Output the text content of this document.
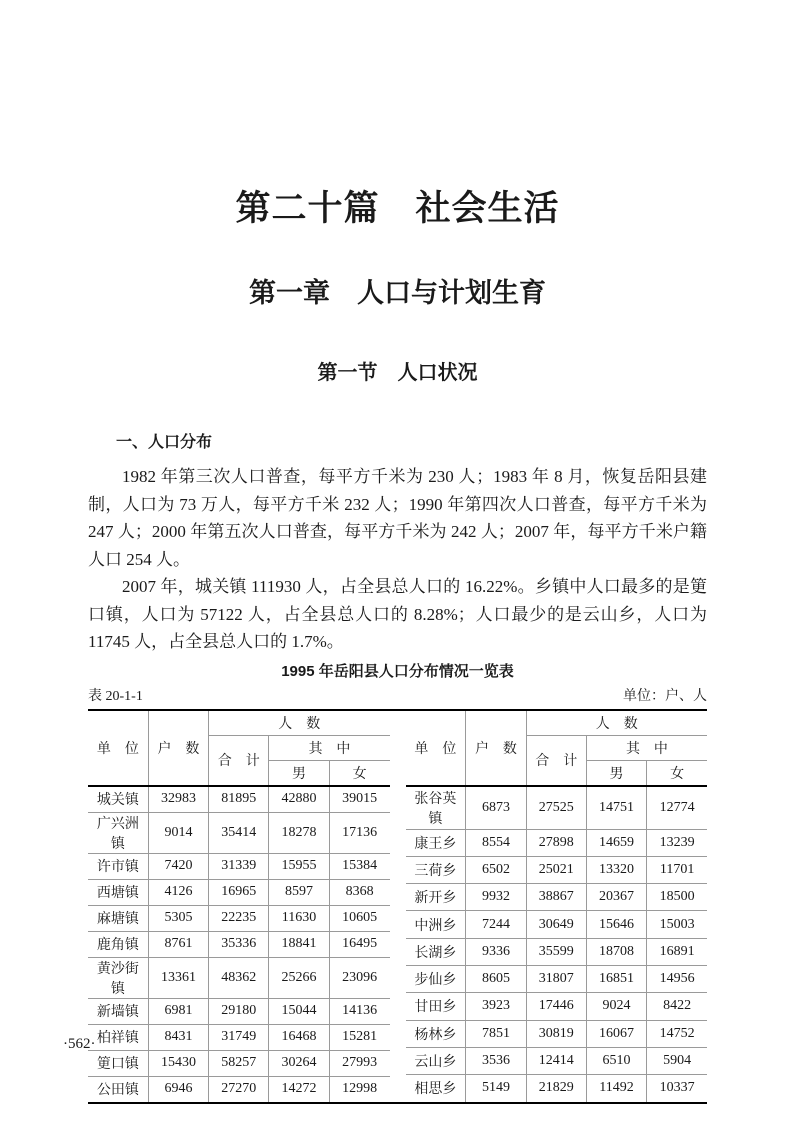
第二十篇　社会生活
第一章　人口与计划生育
第一节　人口状况
一、人口分布

1982 年第三次人口普查，每平方千米为 230 人；1983 年 8 月，恢复岳阳县建制，人口为 73 万人，每平方千米 232 人；1990 年第四次人口普查，每平方千米为 247 人；2000 年第五次人口普查，每平方千米为 242 人；2007 年，每平方千米户籍人口 254 人。

2007 年，城关镇 111930 人，占全县总人口的 16.22%。乡镇中人口最多的是筻口镇，人口为 57122 人，占全县总人口的 8.28%；人口最少的是云山乡，人口为 11745 人，占全县总人口的 1.7%。

1995 年岳阳县人口分布情况一览表
表 20-1-1	单位：户、人
单　位	户　数	人　数		
		合　计	其　中	
			男	女
城关镇	32983	81895	42880	39015
广兴洲镇	9014	35414	18278	17136
许市镇	7420	31339	15955	15384
西塘镇	4126	16965	8597	8368
麻塘镇	5305	22235	11630	10605
鹿角镇	8761	35336	18841	16495
黄沙街镇	13361	48362	25266	23096
新墙镇	6981	29180	15044	14136
柏祥镇	8431	31749	16468	15281
筻口镇	15430	58257	30264	27993
公田镇	6946	27270	14272	12998
单　位	户　数	人　数		
		合　计	其　中	
			男	女
张谷英镇	6873	27525	14751	12774
康王乡	8554	27898	14659	13239
三荷乡	6502	25021	13320	11701
新开乡	9932	38867	20367	18500
中洲乡	7244	30649	15646	15003
长湖乡	9336	35599	18708	16891
步仙乡	8605	31807	16851	14956
甘田乡	3923	17446	9024	8422
杨林乡	7851	30819	16067	14752
云山乡	3536	12414	6510	5904
相思乡	5149	21829	11492	10337
·562·
